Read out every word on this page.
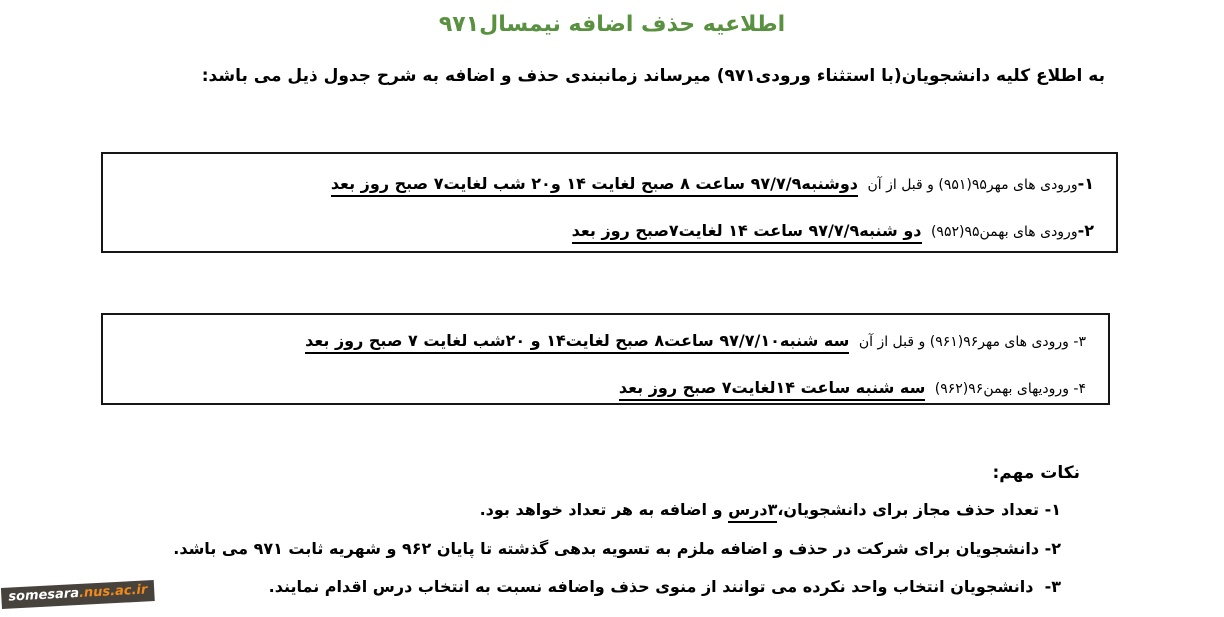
اطلاعیه حذف اضافه نیمسال۹۷۱
به اطلاع کلیه دانشجویان(با استثناء ورودی۹۷۱) میرساند زمانبندی حذف و اضافه به شرح جدول ذیل می باشد:
۱-ورودی های مهر۹۵(۹۵۱) و قبل از آن دوشنبه۹۷/۷/۹ ساعت ۸ صبح لغایت ۱۴ و۲۰ شب لغایت۷ صبح روز بعد
۲-ورودی های بهمن۹۵(۹۵۲) دو شنبه۹۷/۷/۹ ساعت ۱۴ لغایت۷صبح روز بعد
۳- ورودی های مهر۹۶(۹۶۱) و قبل از آن سه شنبه۹۷/۷/۱۰ ساعت۸ صبح لغایت۱۴ و ۲۰شب لغایت ۷ صبح روز بعد
۴- ورودیهای بهمن۹۶(۹۶۲) سه شنبه ساعت ۱۴لغایت۷ صبح روز بعد
نکات مهم:
۱- تعداد حذف مجاز برای دانشجویان،۳درس و اضافه به هر تعداد خواهد بود.
۲- دانشجویان برای شرکت در حذف و اضافه ملزم به تسویه بدهی گذشته تا پایان ۹۶۲ و شهریه ثابت ۹۷۱ می باشد.
۳-  دانشجویان انتخاب واحد نکرده می توانند از منوی حذف واضافه نسبت به انتخاب درس اقدام نمایند.
somesara.nus.ac.ir
